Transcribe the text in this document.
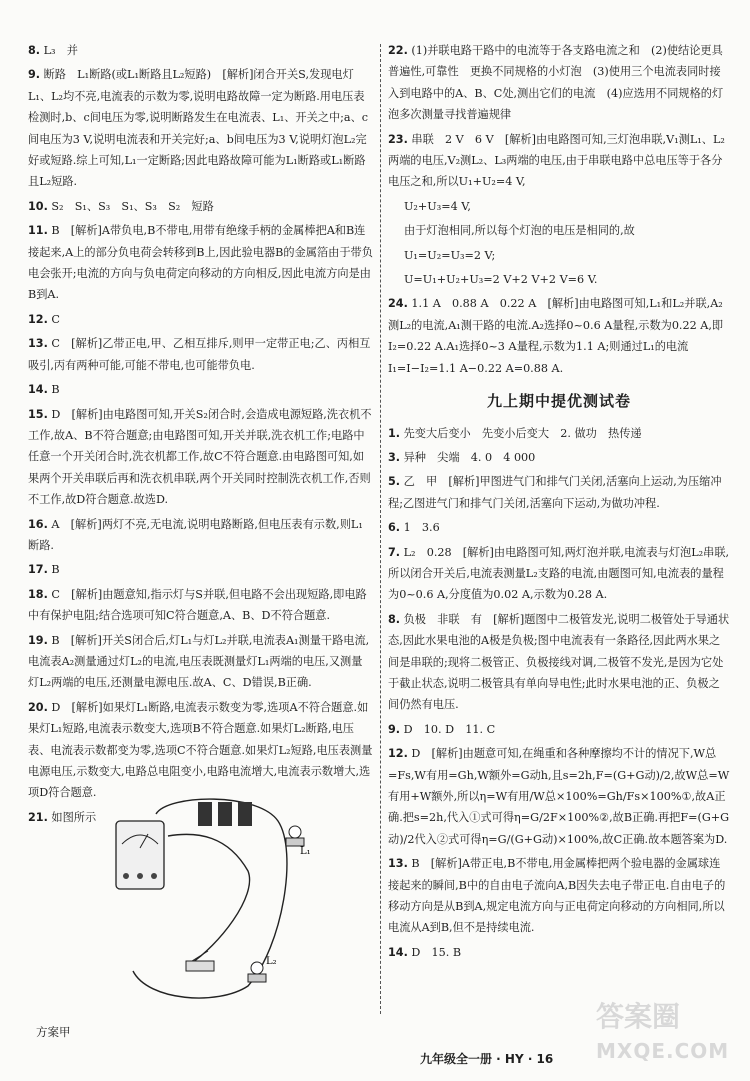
8. L₃　并
9. 断路　L₁断路(或L₁断路且L₂短路)　[解析]闭合开关S,发现电灯L₁、L₂均不亮,电流表的示数为零,说明电路故障一定为断路.用电压表检测时,b、c间电压为零,说明断路发生在电流表、L₁、开关之中;a、c间电压为3 V,说明电流表和开关完好;a、b间电压为3 V,说明灯泡L₂完好或短路.综上可知,L₁一定断路;因此电路故障可能为L₁断路或L₁断路且L₂短路.
10. S₂　S₁、S₃　S₁、S₃　S₂　短路
11. B　[解析]A带负电,B不带电,用带有绝缘手柄的金属棒把A和B连接起来,A上的部分负电荷会转移到B上,因此验电器B的金属箔由于带负电会张开;电流的方向与负电荷定向移动的方向相反,因此电流方向是由B到A.
12. C
13. C　[解析]乙带正电,甲、乙相互排斥,则甲一定带正电;乙、丙相互吸引,丙有两种可能,可能不带电,也可能带负电.
14. B
15. D　[解析]由电路图可知,开关S₂闭合时,会造成电源短路,洗衣机不工作,故A、B不符合题意;由电路图可知,开关并联,洗衣机工作;电路中任意一个开关闭合时,洗衣机都工作,故C不符合题意.由电路图可知,如果两个开关串联后再和洗衣机串联,两个开关同时控制洗衣机工作,否则不工作,故D符合题意.故选D.
16. A　[解析]两灯不亮,无电流,说明电路断路,但电压表有示数,则L₁断路.
17. B
18. C　[解析]由题意知,指示灯与S并联,但电路不会出现短路,即电路中有保护电阻;结合选项可知C符合题意,A、B、D不符合题意.
19. B　[解析]开关S闭合后,灯L₁与灯L₂并联,电流表A₁测量干路电流,电流表A₂测量通过灯L₂的电流,电压表既测量灯L₁两端的电压,又测量灯L₂两端的电压,还测量电源电压.故A、C、D错误,B正确.
20. D　[解析]如果灯L₁断路,电流表示数变为零,选项A不符合题意.如果灯L₁短路,电流表示数变大,选项B不符合题意.如果灯L₂断路,电压表、电流表示数都变为零,选项C不符合题意.如果灯L₂短路,电压表测量电源电压,示数变大,电路总电阻变小,电路电流增大,电流表示数增大,选项D符合题意.
21. 如图所示
22. (1)并联电路干路中的电流等于各支路电流之和　(2)使结论更具普遍性,可靠性　更换不同规格的小灯泡　(3)使用三个电流表同时接入到电路中的A、B、C处,测出它们的电流　(4)应选用不同规格的灯泡多次测量寻找普遍规律
23. 串联　2 V　6 V　[解析]由电路图可知,三灯泡串联,V₁测L₁、L₂两端的电压,V₂测L₂、L₃两端的电压,由于串联电路中总电压等于各分电压之和,所以U₁+U₂=4 V,
U₂+U₃=4 V,
由于灯泡相同,所以每个灯泡的电压是相同的,故
U₁=U₂=U₃=2 V;
U=U₁+U₂+U₃=2 V+2 V+2 V=6 V.
24. 1.1 A　0.88 A　0.22 A　[解析]由电路图可知,L₁和L₂并联,A₂测L₂的电流,A₁测干路的电流.A₂选择0~0.6 A量程,示数为0.22 A,即I₂=0.22 A.A₁选择0~3 A量程,示数为1.1 A;则通过L₁的电流I₁=I−I₂=1.1 A−0.22 A=0.88 A.
九上期中提优测试卷
1. 先变大后变小　先变小后变大　2. 做功　热传递
3. 异种　尖端　4. 0　4 000
5. 乙　甲　[解析]甲图进气门和排气门关闭,活塞向上运动,为压缩冲程;乙图进气门和排气门关闭,活塞向下运动,为做功冲程.
6. 1　3.6
7. L₂　0.28　[解析]由电路图可知,两灯泡并联,电流表与灯泡L₂串联,所以闭合开关后,电流表测量L₂支路的电流,由题图可知,电流表的量程为0~0.6 A,分度值为0.02 A,示数为0.28 A.
8. 负极　非联　有　[解析]题图中二极管发光,说明二极管处于导通状态,因此水果电池的A极是负极;图中电流表有一条路径,因此两水果之间是串联的;现将二极管正、负极接线对调,二极管不发光,是因为它处于截止状态,说明二极管具有单向导电性;此时水果电池的正、负极之间仍然有电压.
9. D　10. D　11. C
12. D　[解析]由题意可知,在绳重和各种摩擦均不计的情况下,W总=Fs,W有用=Gh,W额外=G动h,且s=2h,F=(G+G动)/2,故W总=W有用+W额外,所以η=W有用/W总×100%=Gh/Fs×100%①,故A正确.把s=2h,代入①式可得η=G/2F×100%②,故B正确.再把F=(G+G动)/2代入②式可得η=G/(G+G动)×100%,故C正确.故本题答案为D.
13. B　[解析]A带正电,B不带电,用金属棒把两个验电器的金属球连接起来的瞬间,B中的自由电子流向A,B因失去电子带正电.自由电子的移动方向是从B到A,规定电流方向与正电荷定向移动的方向相同,所以电流从A到B,但不是持续电流.
14. D　15. B
L₁
L₂
方案甲
九年级全一册 · HY · 16
答案圈
MXQE.COM
